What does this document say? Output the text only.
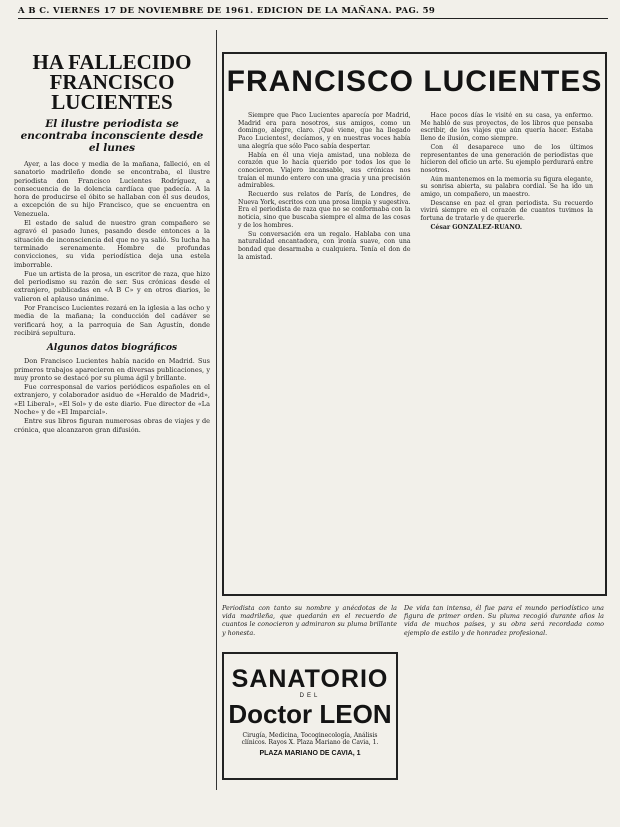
A B C. VIERNES 17 DE NOVIEMBRE DE 1961. EDICION DE LA MAÑANA. PAG. 59
HA FALLECIDO FRANCISCO LUCIENTES
El ilustre periodista se encontraba inconsciente desde el lunes

Ayer, a las doce y media de la mañana, falleció, en el sanatorio madrileño donde se encontraba, el ilustre periodista don Francisco Lucientes Rodríguez, a consecuencia de la dolencia cardíaca que padecía. A la hora de producirse el óbito se hallaban con él sus deudos, a excepción de su hijo Francisco, que se encuentra en Venezuela.

El estado de salud de nuestro gran compañero se agravó el pasado lunes, pasando desde entonces a la situación de inconsciencia del que no ya salió. Su lucha ha terminado serenamente. Hombre de profundas convicciones, su vida periodística deja una estela imborrable.

Fue un artista de la prosa, un escritor de raza, que hizo del periodismo su razón de ser. Sus crónicas desde el extranjero, publicadas en «A B C» y en otros diarios, le valieron el aplauso unánime.

Por Francisco Lucientes rezará en la iglesia a las ocho y media de la mañana; la conducción del cadáver se verificará hoy, a la parroquia de San Agustín, donde recibirá sepultura.

Algunos datos biográficos

Don Francisco Lucientes había nacido en Madrid. Sus primeros trabajos aparecieron en diversas publicaciones, y muy pronto se destacó por su pluma ágil y brillante.

Fue corresponsal de varios periódicos españoles en el extranjero, y colaborador asiduo de «Heraldo de Madrid», «El Liberal», «El Sol» y de este diario. Fue director de «La Noche» y de «El Imparcial».

Entre sus libros figuran numerosas obras de viajes y de crónica, que alcanzaron gran difusión.

FRANCISCO LUCIENTES

Siempre que Paco Lucientes aparecía por Madrid, Madrid era para nosotros, sus amigos, como un domingo, alegre, claro. ¡Qué viene, que ha llegado Paco Lucientes!, decíamos, y en nuestras voces había una alegría que sólo Paco sabía despertar.

Había en él una vieja amistad, una nobleza de corazón que lo hacía querido por todos los que le conocieron. Viajero incansable, sus crónicas nos traían el mundo entero con una gracia y una precisión admirables.

Recuerdo sus relatos de París, de Londres, de Nueva York, escritos con una prosa limpia y sugestiva. Era el periodista de raza que no se conformaba con la noticia, sino que buscaba siempre el alma de las cosas y de los hombres.

Su conversación era un regalo. Hablaba con una naturalidad encantadora, con ironía suave, con una bondad que desarmaba a cualquiera. Tenía el don de la amistad.

Hace pocos días le visité en su casa, ya enfermo. Me habló de sus proyectos, de los libros que pensaba escribir, de los viajes que aún quería hacer. Estaba lleno de ilusión, como siempre.

Con él desaparece uno de los últimos representantes de una generación de periodistas que hicieron del oficio un arte. Su ejemplo perdurará entre nosotros.

Aún mantenemos en la memoria su figura elegante, su sonrisa abierta, su palabra cordial. Se ha ido un amigo, un compañero, un maestro.

Descanse en paz el gran periodista. Su recuerdo vivirá siempre en el corazón de cuantos tuvimos la fortuna de tratarle y de quererle.

César GONZALEZ-RUANO.

Periodista con tanto su nombre y anécdotas de la vida madrileña, que quedarán en el recuerdo de cuantos le conocieron y admiraron su pluma brillante y honesta.
De vida tan intensa, él fue para el mundo periodístico una figura de primer orden. Su pluma recogió durante años la vida de muchos países, y su obra será recordada como ejemplo de estilo y de honradez profesional.
SANATORIO
DEL
Doctor LEON
Cirugía, Medicina, Tocoginecología, Análisis clínicos. Rayos X. Plaza Mariano de Cavia, 1.
PLAZA MARIANO DE CAVIA, 1
